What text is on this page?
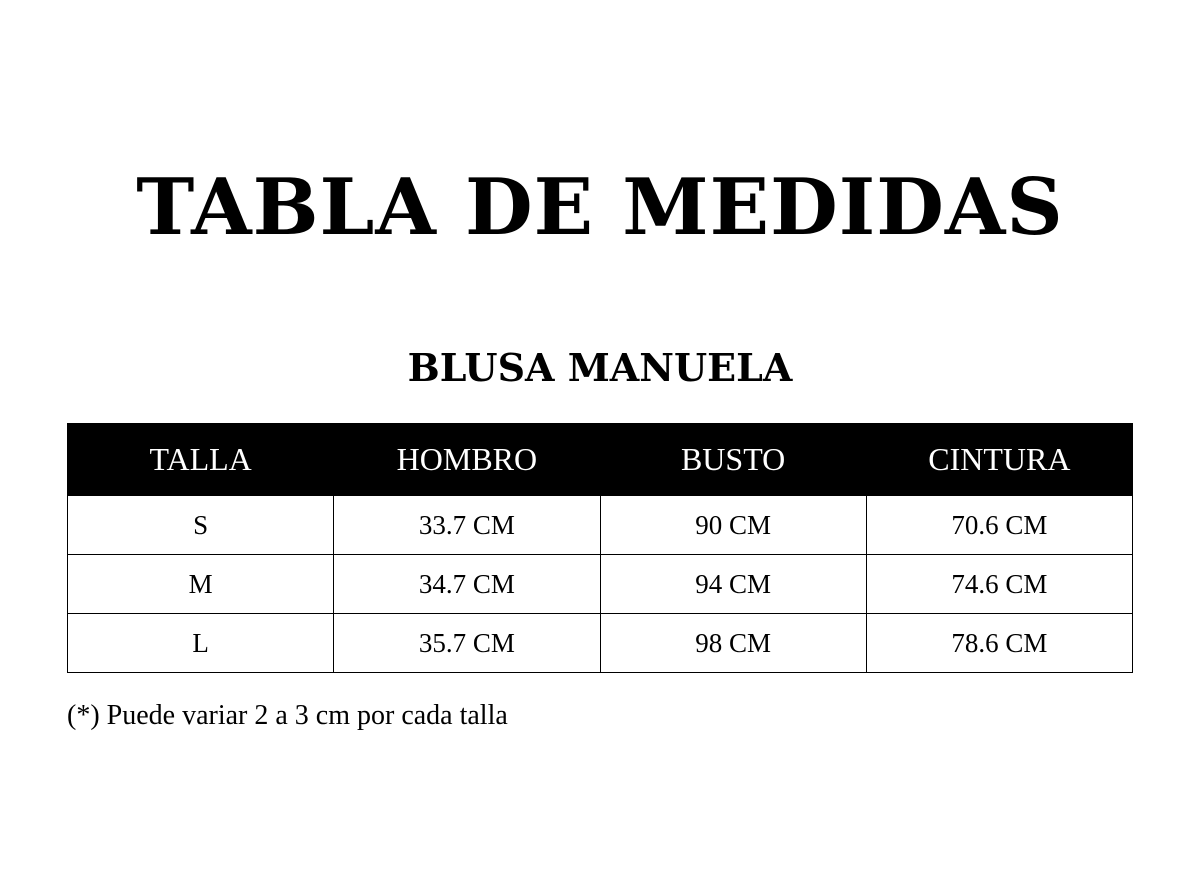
TABLA DE MEDIDAS
BLUSA MANUELA
TALLA	HOMBRO	BUSTO	CINTURA
S	33.7 CM	90 CM	70.6 CM
M	34.7 CM	94 CM	74.6 CM
L	35.7 CM	98 CM	78.6 CM

(*) Puede variar 2 a 3 cm por cada talla
